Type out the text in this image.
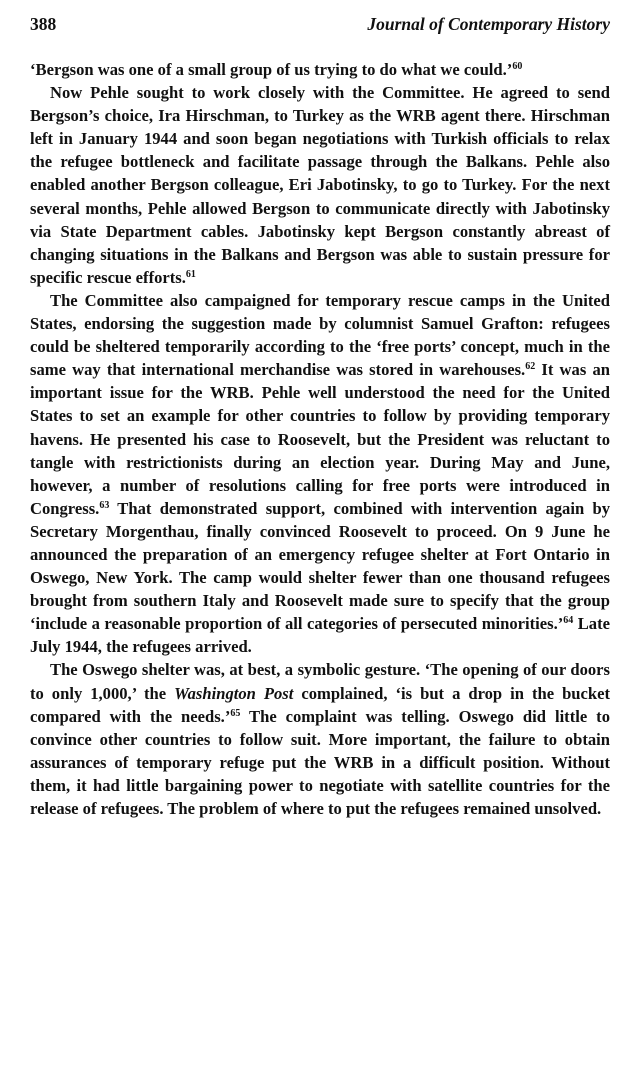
388	Journal of Contemporary History

‘Bergson was one of a small group of us trying to do what we could.’$^{60}$

Now Pehle sought to work closely with the Committee. He agreed to send Bergson’s choice, Ira Hirschman, to Turkey as the WRB agent there. Hirschman left in January 1944 and soon began negotiations with Turkish officials to relax the refugee bottleneck and facilitate passage through the Balkans. Pehle also enabled another Bergson colleague, Eri Jabotinsky, to go to Turkey. For the next several months, Pehle allowed Bergson to communicate directly with Jabotinsky via State Department cables. Jabotinsky kept Bergson constantly abreast of changing situations in the Balkans and Bergson was able to sustain pressure for specific rescue efforts.$^{61}$

The Committee also campaigned for temporary rescue camps in the United States, endorsing the suggestion made by columnist Samuel Grafton: refugees could be sheltered temporarily according to the ‘free ports’ concept, much in the same way that international merchandise was stored in warehouses.$^{62}$ It was an important issue for the WRB. Pehle well understood the need for the United States to set an example for other countries to follow by providing temporary havens. He presented his case to Roosevelt, but the President was reluctant to tangle with restrictionists during an election year. During May and June, however, a number of resolutions calling for free ports were introduced in Congress.$^{63}$ That demonstrated support, combined with intervention again by Secretary Morgenthau, finally convinced Roosevelt to proceed. On 9 June he announced the preparation of an emergency refugee shelter at Fort Ontario in Oswego, New York. The camp would shelter fewer than one thousand refugees brought from southern Italy and Roosevelt made sure to specify that the group ‘include a reasonable proportion of all categories of persecuted minorities.’$^{64}$ Late July 1944, the refugees arrived.

The Oswego shelter was, at best, a symbolic gesture. ‘The opening of our doors to only 1,000,’ the Washington Post complained, ‘is but a drop in the bucket compared with the needs.’$^{65}$ The complaint was telling. Oswego did little to convince other countries to follow suit. More important, the failure to obtain assurances of temporary refuge put the WRB in a difficult position. Without them, it had little bargaining power to negotiate with satellite countries for the release of refugees. The problem of where to put the refugees remained unsolved.
